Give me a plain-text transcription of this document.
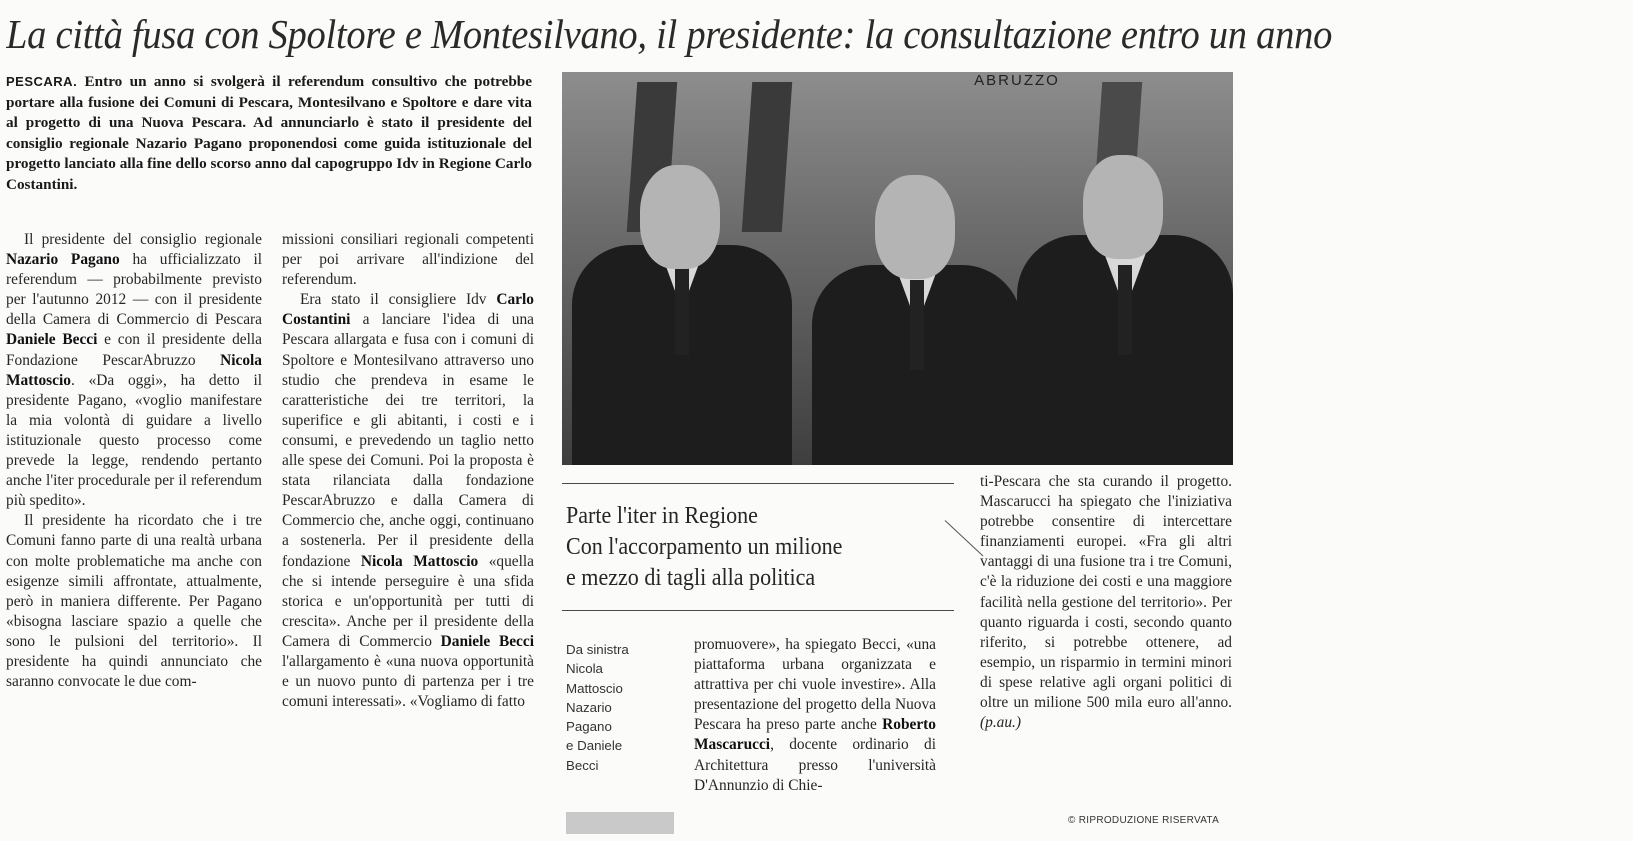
La città fusa con Spoltore e Montesilvano, il presidente: la consultazione entro un anno
PESCARA. Entro un anno si svolgerà il referendum consultivo che potrebbe portare alla fusione dei Comuni di Pescara, Montesilvano e Spoltore e dare vita al progetto di una Nuova Pescara. Ad annunciarlo è stato il presidente del consiglio regionale Nazario Pagano proponendosi come guida istituzionale del progetto lanciato alla fine dello scorso anno dal capogruppo Idv in Regione Carlo Costantini.

Il presidente del consiglio regionale Nazario Pagano ha ufficializzato il referendum — probabilmente previsto per l'autunno 2012 — con il presidente della Camera di Commercio di Pescara Daniele Becci e con il presidente della Fondazione PescarAbruzzo Nicola Mattoscio. «Da oggi», ha detto il presidente Pagano, «voglio manifestare la mia volontà di guidare a livello istituzionale questo processo come prevede la legge, rendendo pertanto anche l'iter procedurale per il referendum più spedito».

Il presidente ha ricordato che i tre Comuni fanno parte di una realtà urbana con molte problematiche ma anche con esigenze simili affrontate, attualmente, però in maniera differente. Per Pagano «bisogna lasciare spazio a quelle che sono le pulsioni del territorio». Il presidente ha quindi annunciato che saranno convocate le due com-

missioni consiliari regionali competenti per poi arrivare all'indizione del referendum.

Era stato il consigliere Idv Carlo Costantini a lanciare l'idea di una Pescara allargata e fusa con i comuni di Spoltore e Montesilvano attraverso uno studio che prendeva in esame le caratteristiche dei tre territori, la superifice e gli abitanti, i costi e i consumi, e prevedendo un taglio netto alle spese dei Comuni. Poi la proposta è stata rilanciata dalla fondazione PescarAbruzzo e dalla Camera di Commercio che, anche oggi, continuano a sostenerla. Per il presidente della fondazione Nicola Mattoscio «quella che si intende perseguire è una sfida storica e un'opportunità per tutti di crescita». Anche per il presidente della Camera di Commercio Daniele Becci l'allargamento è «una nuova opportunità e un nuovo punto di partenza per i tre comuni interessati». «Vogliamo di fatto

ABRUZZO
Parte l'iter in Regione
Con l'accorpamento un milione
e mezzo di tagli alla politica
Da sinistra
Nicola
Mattoscio
Nazario
Pagano
e Daniele
Becci

promuovere», ha spiegato Becci, «una piattaforma urbana organizzata e attrattiva per chi vuole investire». Alla presentazione del progetto della Nuova Pescara ha preso parte anche Roberto Mascarucci, docente ordinario di Architettura presso l'università D'Annunzio di Chie-

ti-Pescara che sta curando il progetto. Mascarucci ha spiegato che l'iniziativa potrebbe consentire di intercettare finanziamenti europei. «Fra gli altri vantaggi di una fusione tra i tre Comuni, c'è la riduzione dei costi e una maggiore facilità nella gestione del territorio». Per quanto riguarda i costi, secondo quanto riferito, si potrebbe ottenere, ad esempio, un risparmio in termini minori di spese relative agli organi politici di oltre un milione 500 mila euro all'anno. (p.au.)

© RIPRODUZIONE RISERVATA
